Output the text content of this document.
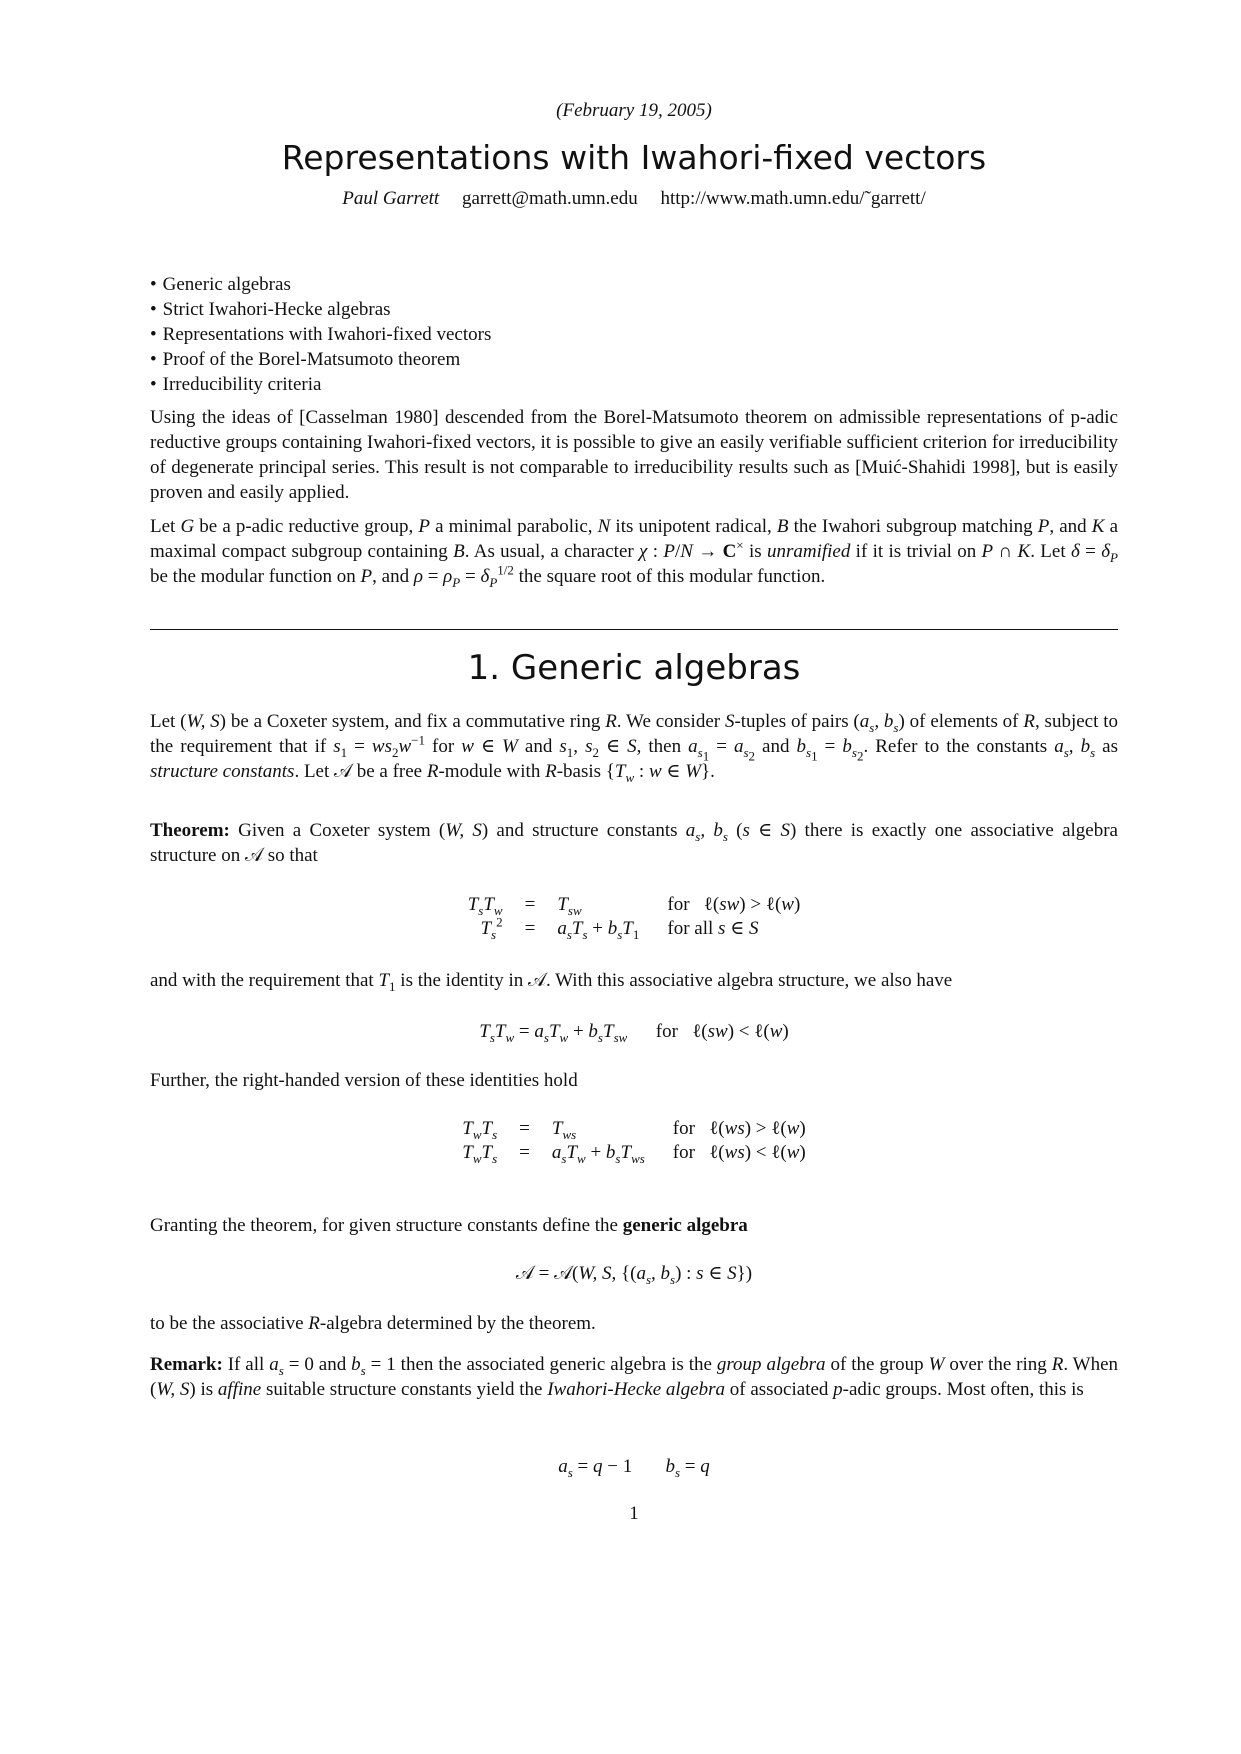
(February 19, 2005)
Representations with Iwahori-fixed vectors
Paul Garrett garrett@math.umn.edu http://www.math.umn.edu/˜garrett/
• Generic algebras
• Strict Iwahori-Hecke algebras
• Representations with Iwahori-fixed vectors
• Proof of the Borel-Matsumoto theorem
• Irreducibility criteria

Using the ideas of [Casselman 1980] descended from the Borel-Matsumoto theorem on admissible representations of p-adic reductive groups containing Iwahori-fixed vectors, it is possible to give an easily verifiable sufficient criterion for irreducibility of degenerate principal series. This result is not comparable to irreducibility results such as [Muić-Shahidi 1998], but is easily proven and easily applied.

Let G be a p-adic reductive group, P a minimal parabolic, N its unipotent radical, B the Iwahori subgroup matching P, and K a maximal compact subgroup containing B. As usual, a character χ : P/N → C× is unramified if it is trivial on P ∩ K. Let $\delta = \delta_P$ be the modular function on P, and $\rho = \rho_P = \delta_P^{1/2}$ the square root of this modular function.

1. Generic algebras

Let (W, S) be a Coxeter system, and fix a commutative ring R. We consider S-tuples of pairs ($a_s$, $b_s$) of elements of R, subject to the requirement that if $s_1 = ws_2w^{-1}$ for w ∈ W and $s_1$, $s_2$ ∈ S, then $a_{s_1} = a_{s_2}$ and $b_{s_1} = b_{s_2}$. Refer to the constants $a_s$, $b_s$ as structure constants. Let 𝒜 be a free R-module with R-basis {$T_w$ : w ∈ W}.

Theorem: Given a Coxeter system (W, S) and structure constants $a_s$, $b_s$ (s ∈ S) there is exactly one associative algebra structure on 𝒜 so that

$T_sT_w$	=	$T_{sw}$	for   ℓ(sw) > ℓ(w)
$T_s^2$	=	$a_sT_s + b_sT_1$	for all s ∈ S

and with the requirement that $T_1$ is the identity in 𝒜. With this associative algebra structure, we also have

$T_sT_w = a_sT_w + b_sT_{sw}$      for   ℓ(sw) < ℓ(w)

Further, the right-handed version of these identities hold

$T_wT_s$	=	$T_{ws}$	for   ℓ(ws) > ℓ(w)
$T_wT_s$	=	$a_sT_w + b_sT_{ws}$	for   ℓ(ws) < ℓ(w)

Granting the theorem, for given structure constants define the generic algebra

𝒜 = 𝒜(W, S, {($a_s$, $b_s$) : s ∈ S})

to be the associative R-algebra determined by the theorem.

Remark: If all $a_s = 0$ and $b_s = 1$ then the associated generic algebra is the group algebra of the group W over the ring R. When (W, S) is affine suitable structure constants yield the Iwahori-Hecke algebra of associated p-adic groups. Most often, this is

$a_s = q - 1$       $b_s = q$
1
